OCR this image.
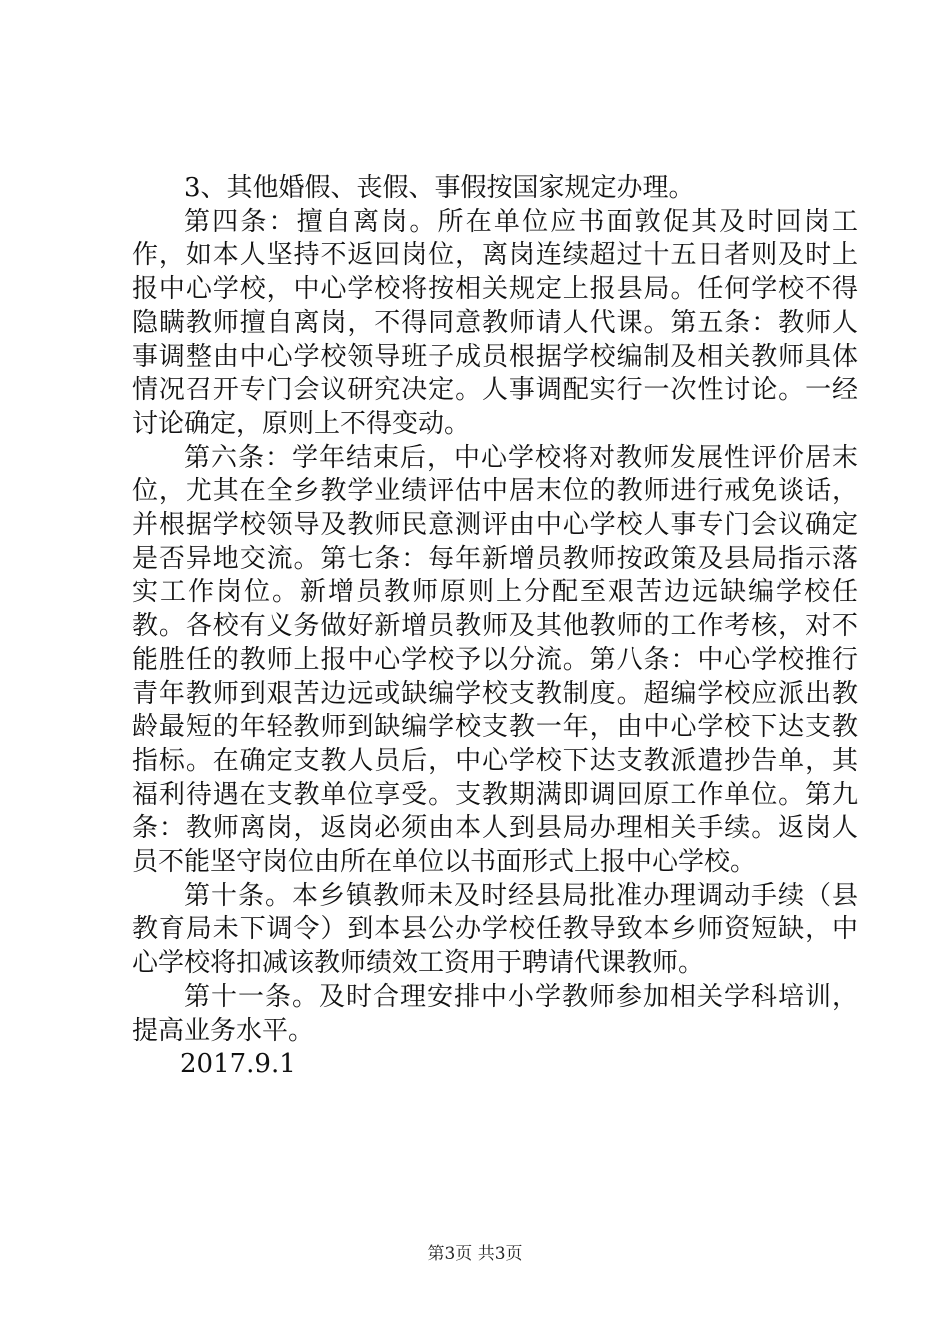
3、其他婚假、丧假、事假按国家规定办理。

第四条：擅自离岗。所在单位应书面敦促其及时回岗工作，如本人坚持不返回岗位，离岗连续超过十五日者则及时上报中心学校，中心学校将按相关规定上报县局。任何学校不得隐瞒教师擅自离岗，不得同意教师请人代课。第五条：教师人事调整由中心学校领导班子成员根据学校编制及相关教师具体情况召开专门会议研究决定。人事调配实行一次性讨论。一经讨论确定，原则上不得变动。

第六条：学年结束后，中心学校将对教师发展性评价居末位，尤其在全乡教学业绩评估中居末位的教师进行戒免谈话，并根据学校领导及教师民意测评由中心学校人事专门会议确定是否异地交流。第七条：每年新增员教师按政策及县局指示落实工作岗位。新增员教师原则上分配至艰苦边远缺编学校任教。各校有义务做好新增员教师及其他教师的工作考核，对不能胜任的教师上报中心学校予以分流。第八条：中心学校推行青年教师到艰苦边远或缺编学校支教制度。超编学校应派出教龄最短的年轻教师到缺编学校支教一年，由中心学校下达支教指标。在确定支教人员后，中心学校下达支教派遣抄告单，其福利待遇在支教单位享受。支教期满即调回原工作单位。第九条：教师离岗，返岗必须由本人到县局办理相关手续。返岗人员不能坚守岗位由所在单位以书面形式上报中心学校。

第十条。本乡镇教师未及时经县局批准办理调动手续（县教育局未下调令）到本县公办学校任教导致本乡师资短缺，中心学校将扣减该教师绩效工资用于聘请代课教师。

第十一条。及时合理安排中小学教师参加相关学科培训，提高业务水平。

2017.9.1

第3页 共3页
